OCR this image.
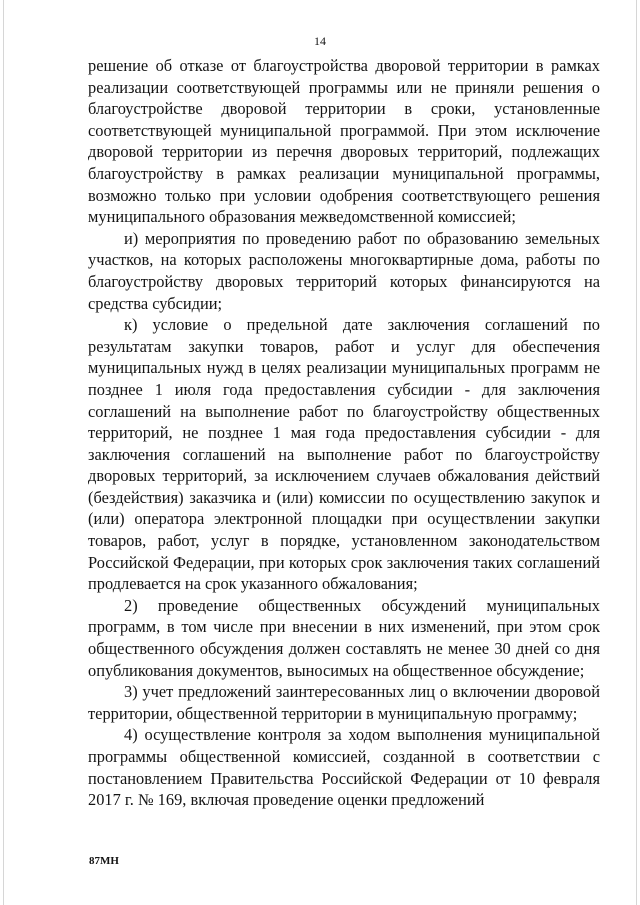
14

решение об отказе от благоустройства дворовой территории в рамках реализации соответствующей программы или не приняли решения о благоустройстве дворовой территории в сроки, установленные соответствующей муниципальной программой. При этом исключение дворовой территории из перечня дворовых территорий, подлежащих благоустройству в рамках реализации муниципальной программы, возможно только при условии одобрения соответствующего решения муниципального образования межведомственной комиссией;

и) мероприятия по проведению работ по образованию земельных участков, на которых расположены многоквартирные дома, работы по благоустройству дворовых территорий которых финансируются на средства субсидии;

к) условие о предельной дате заключения соглашений по результатам закупки товаров, работ и услуг для обеспечения муниципальных нужд в целях реализации муниципальных программ не позднее 1 июля года предоставления субсидии - для заключения соглашений на выполнение работ по благоустройству общественных территорий, не позднее 1 мая года предоставления субсидии - для заключения соглашений на выполнение работ по благоустройству дворовых территорий, за исключением случаев обжалования действий (бездействия) заказчика и (или) комиссии по осуществлению закупок и (или) оператора электронной площадки при осуществлении закупки товаров, работ, услуг в порядке, установленном законодательством Российской Федерации, при которых срок заключения таких соглашений продлевается на срок указанного обжалования;

2) проведение общественных обсуждений муниципальных программ, в том числе при внесении в них изменений, при этом срок общественного обсуждения должен составлять не менее 30 дней со дня опубликования документов, выносимых на общественное обсуждение;

3) учет предложений заинтересованных лиц о включении дворовой территории, общественной территории в муниципальную программу;

4) осуществление контроля за ходом выполнения муниципальной программы общественной комиссией, созданной в соответствии с постановлением Правительства Российской Федерации от 10 февраля 2017 г. № 169, включая проведение оценки предложений

87МН
